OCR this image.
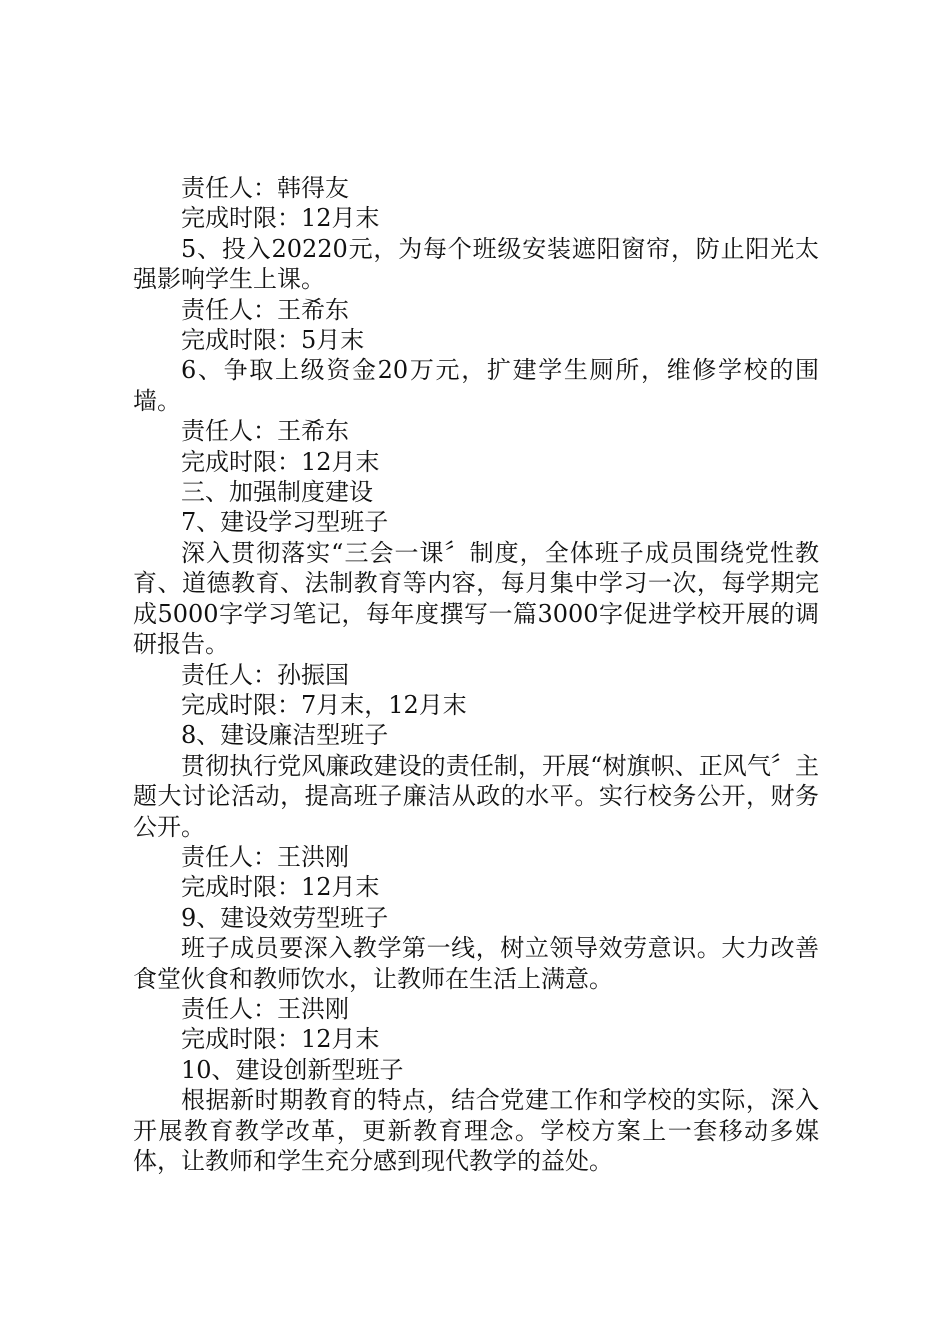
责任人：韩得友

完成时限：12月末

5、投入20220元，为每个班级安装遮阳窗帘，防止阳光太强影响学生上课。

责任人：王希东

完成时限：5月末

6、争取上级资金20万元，扩建学生厕所，维修学校的围墙。

责任人：王希东

完成时限：12月末

三、加强制度建设

7、建设学习型班子

深入贯彻落实“三会一课〞制度，全体班子成员围绕党性教育、道德教育、法制教育等内容，每月集中学习一次，每学期完成5000字学习笔记，每年度撰写一篇3000字促进学校开展的调研报告。

责任人：孙振国

完成时限：7月末，12月末

8、建设廉洁型班子

贯彻执行党风廉政建设的责任制，开展“树旗帜、正风气〞主题大讨论活动，提高班子廉洁从政的水平。实行校务公开，财务公开。

责任人：王洪刚

完成时限：12月末

9、建设效劳型班子

班子成员要深入教学第一线，树立领导效劳意识。大力改善食堂伙食和教师饮水，让教师在生活上满意。

责任人：王洪刚

完成时限：12月末

10、建设创新型班子

根据新时期教育的特点，结合党建工作和学校的实际，深入开展教育教学改革，更新教育理念。学校方案上一套移动多媒体，让教师和学生充分感到现代教学的益处。
